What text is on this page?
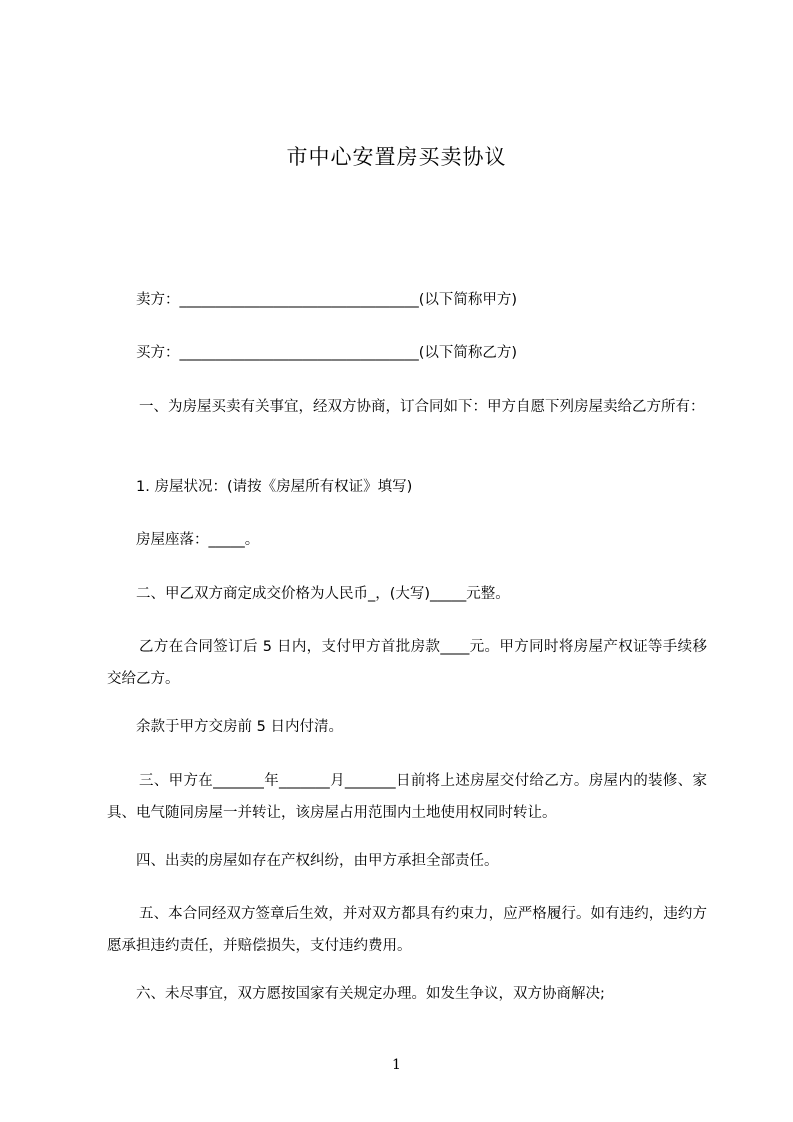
市中心安置房买卖协议
卖方：_________________________________(以下简称甲方)
买方：_________________________________(以下简称乙方)
一、为房屋买卖有关事宜，经双方协商，订合同如下：甲方自愿下列房屋卖给乙方所有：
1. 房屋状况：(请按《房屋所有权证》填写)
房屋座落：_____。
二、甲乙双方商定成交价格为人民币_，(大写)_____元整。
乙方在合同签订后 5 日内，支付甲方首批房款____元。甲方同时将房屋产权证等手续移交给乙方。
余款于甲方交房前 5 日内付清。
三、甲方在_______年_______月_______日前将上述房屋交付给乙方。房屋内的装修、家具、电气随同房屋一并转让，该房屋占用范围内土地使用权同时转让。
四、出卖的房屋如存在产权纠纷，由甲方承担全部责任。
五、本合同经双方签章后生效，并对双方都具有约束力，应严格履行。如有违约，违约方愿承担违约责任，并赔偿损失，支付违约费用。
六、未尽事宜，双方愿按国家有关规定办理。如发生争议，双方协商解决;
1
